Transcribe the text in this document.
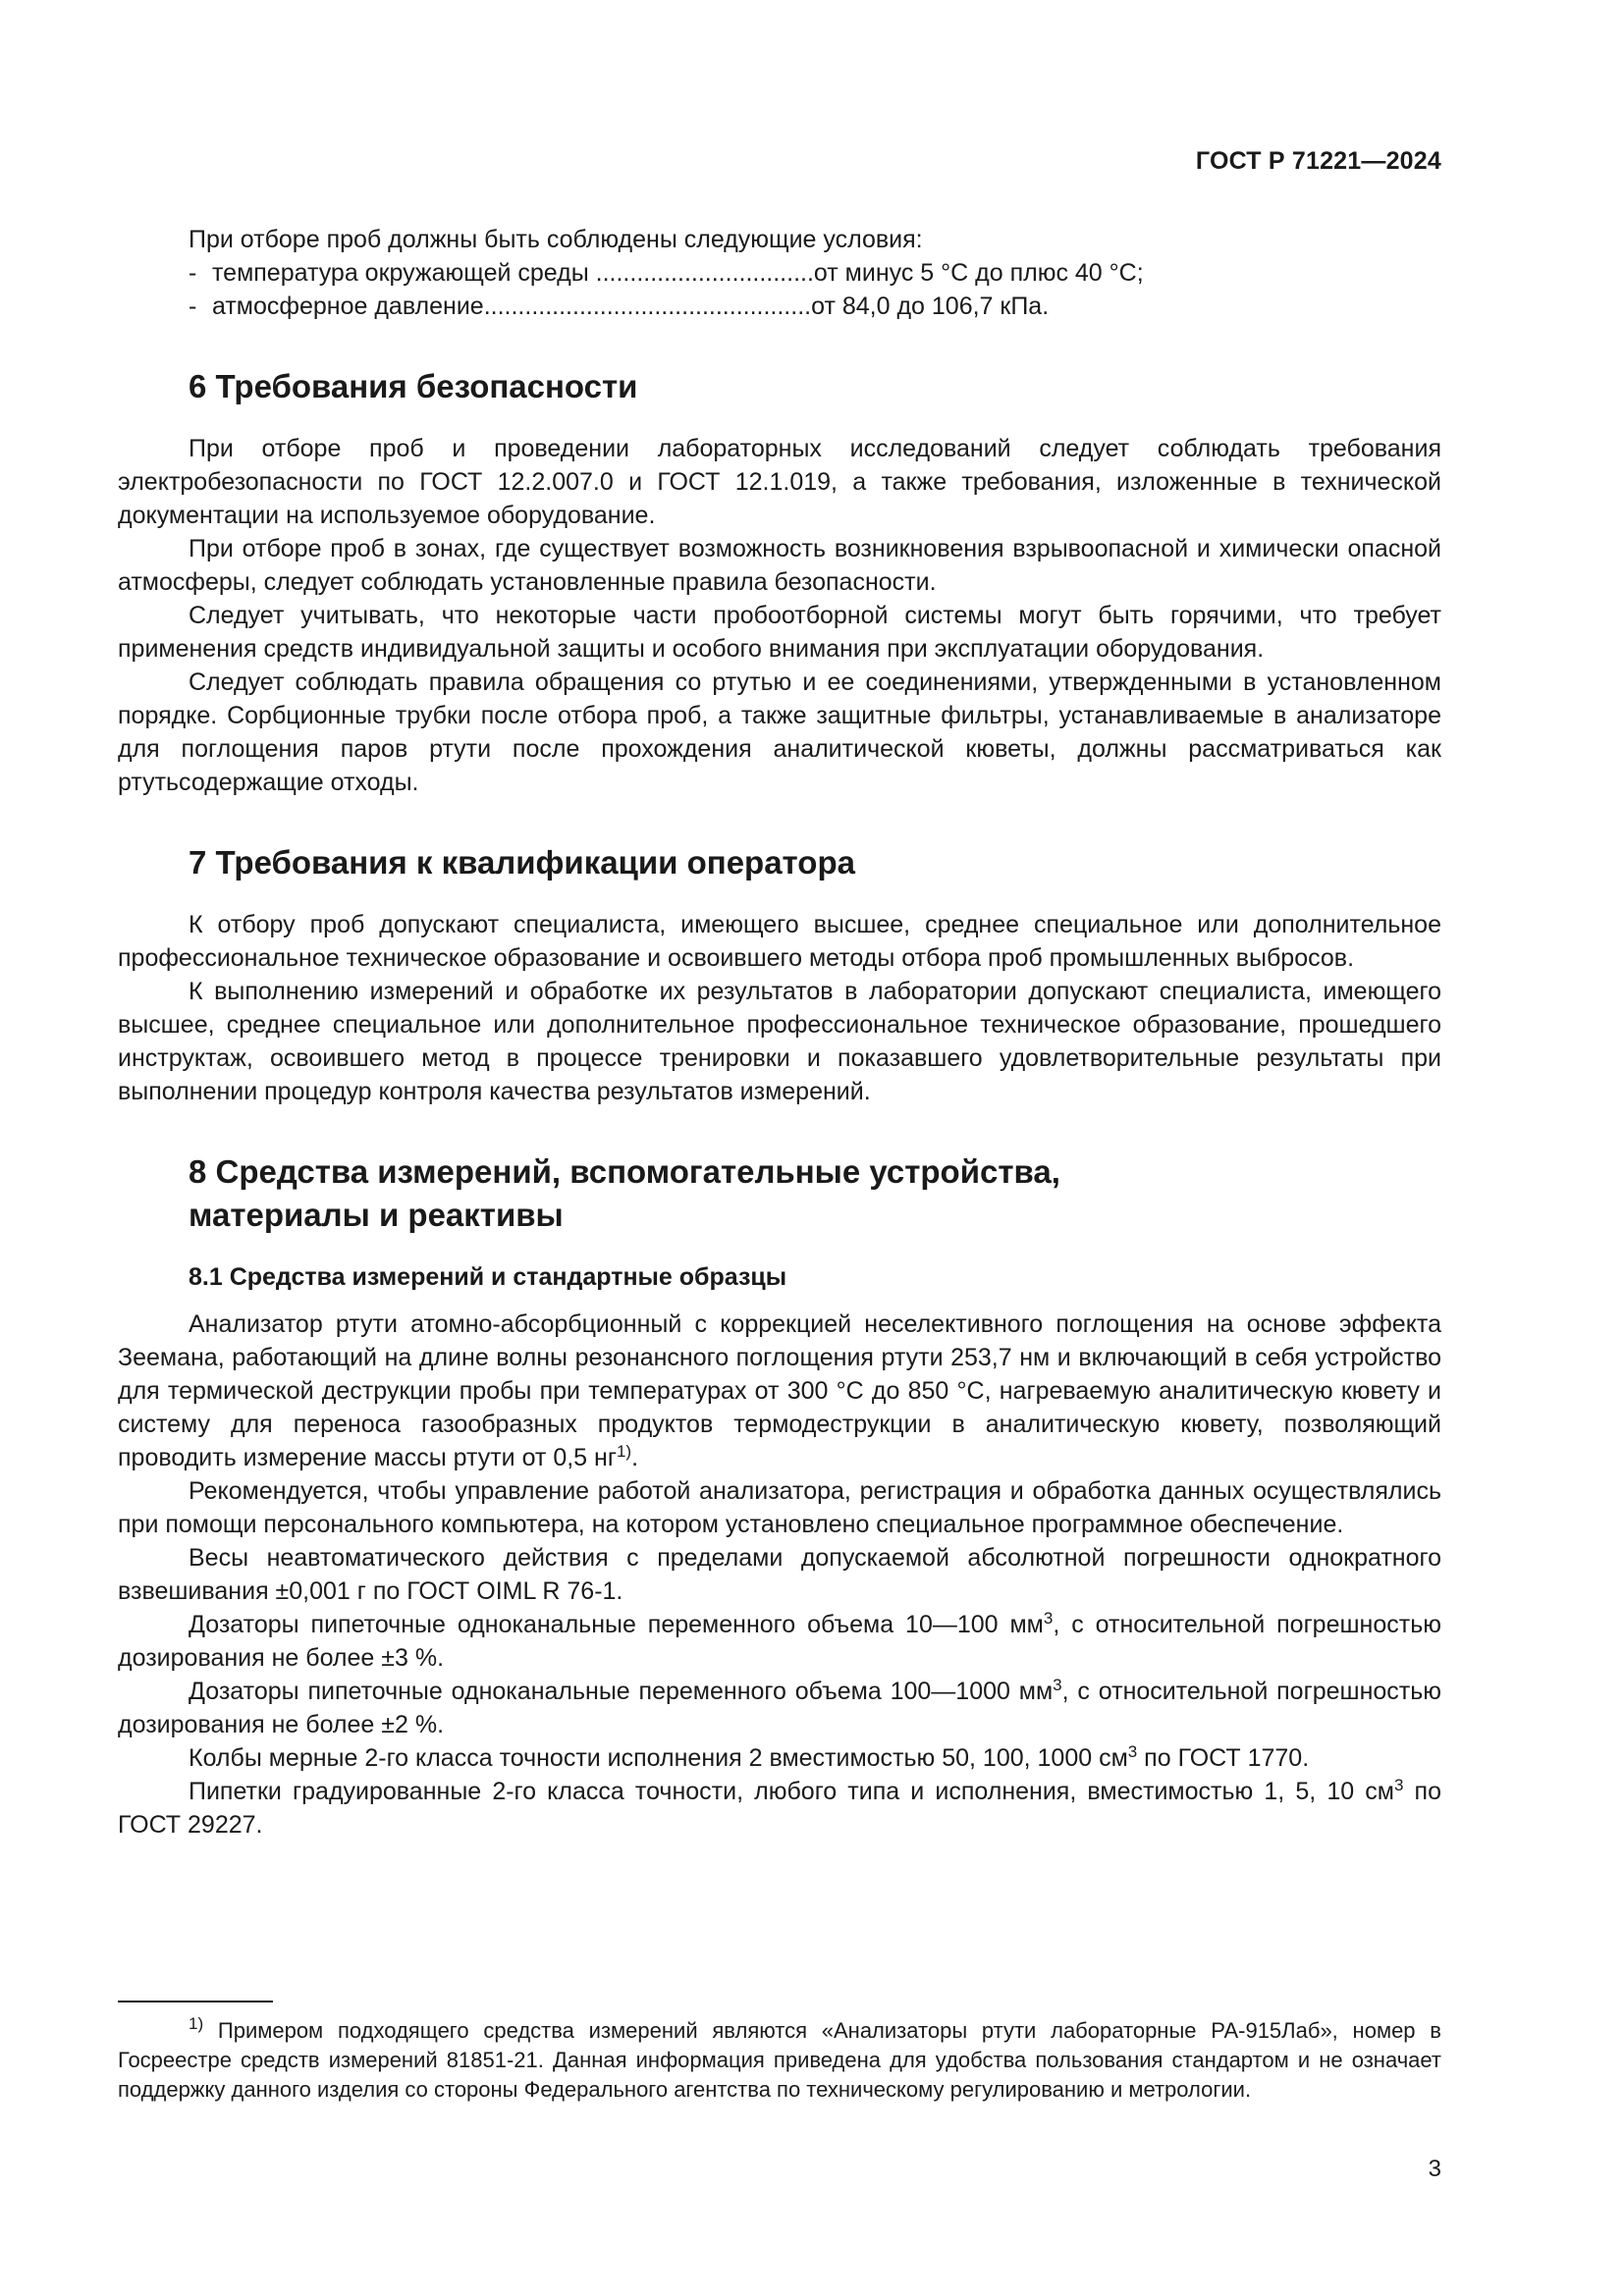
ГОСТ Р 71221—2024

При отборе проб должны быть соблюдены следующие условия:

- температура окружающей среды ................................от минус 5 °С до плюс 40 °С;

- атмосферное давление................................................от 84,0 до 106,7 кПа.

6 Требования безопасности

При отборе проб и проведении лабораторных исследований следует соблюдать требования электробезопасности по ГОСТ 12.2.007.0 и ГОСТ 12.1.019, а также требования, изложенные в технической документации на используемое оборудование.

При отборе проб в зонах, где существует возможность возникновения взрывоопасной и химически опасной атмосферы, следует соблюдать установленные правила безопасности.

Следует учитывать, что некоторые части пробоотборной системы могут быть горячими, что требует применения средств индивидуальной защиты и особого внимания при эксплуатации оборудования.

Следует соблюдать правила обращения со ртутью и ее соединениями, утвержденными в установленном порядке. Сорбционные трубки после отбора проб, а также защитные фильтры, устанавливаемые в анализаторе для поглощения паров ртути после прохождения аналитической кюветы, должны рассматриваться как ртутьсодержащие отходы.

7 Требования к квалификации оператора

К отбору проб допускают специалиста, имеющего высшее, среднее специальное или дополнительное профессиональное техническое образование и освоившего методы отбора проб промышленных выбросов.

К выполнению измерений и обработке их результатов в лаборатории допускают специалиста, имеющего высшее, среднее специальное или дополнительное профессиональное техническое образование, прошедшего инструктаж, освоившего метод в процессе тренировки и показавшего удовлетворительные результаты при выполнении процедур контроля качества результатов измерений.

8 Средства измерений, вспомогательные устройства,
материалы и реактивы
8.1 Средства измерений и стандартные образцы

Анализатор ртути атомно-абсорбционный с коррекцией неселективного поглощения на основе эффекта Зеемана, работающий на длине волны резонансного поглощения ртути 253,7 нм и включающий в себя устройство для термической деструкции пробы при температурах от 300 °С до 850 °С, нагреваемую аналитическую кювету и систему для переноса газообразных продуктов термодеструкции в аналитическую кювету, позволяющий проводить измерение массы ртути от 0,5 $нг^{1)}$.

Рекомендуется, чтобы управление работой анализатора, регистрация и обработка данных осуществлялись при помощи персонального компьютера, на котором установлено специальное программное обеспечение.

Весы неавтоматического действия с пределами допускаемой абсолютной погрешности однократного взвешивания ±0,001 г по ГОСТ OIML R 76-1.

Дозаторы пипеточные одноканальные переменного объема 10—100 $мм^3$, с относительной погрешностью дозирования не более ±3 %.

Дозаторы пипеточные одноканальные переменного объема 100—1000 $мм^3$, с относительной погрешностью дозирования не более ±2 %.

Колбы мерные 2-го класса точности исполнения 2 вместимостью 50, 100, 1000 $см^3$ по ГОСТ 1770.

Пипетки градуированные 2-го класса точности, любого типа и исполнения, вместимостью 1, 5, 10 $см^3$ по ГОСТ 29227.

$^{1)}$ Примером подходящего средства измерений являются «Анализаторы ртути лабораторные РА-915Лаб», номер в Госреестре средств измерений 81851-21. Данная информация приведена для удобства пользования стандартом и не означает поддержку данного изделия со стороны Федерального агентства по техническому регулированию и метрологии.

3
